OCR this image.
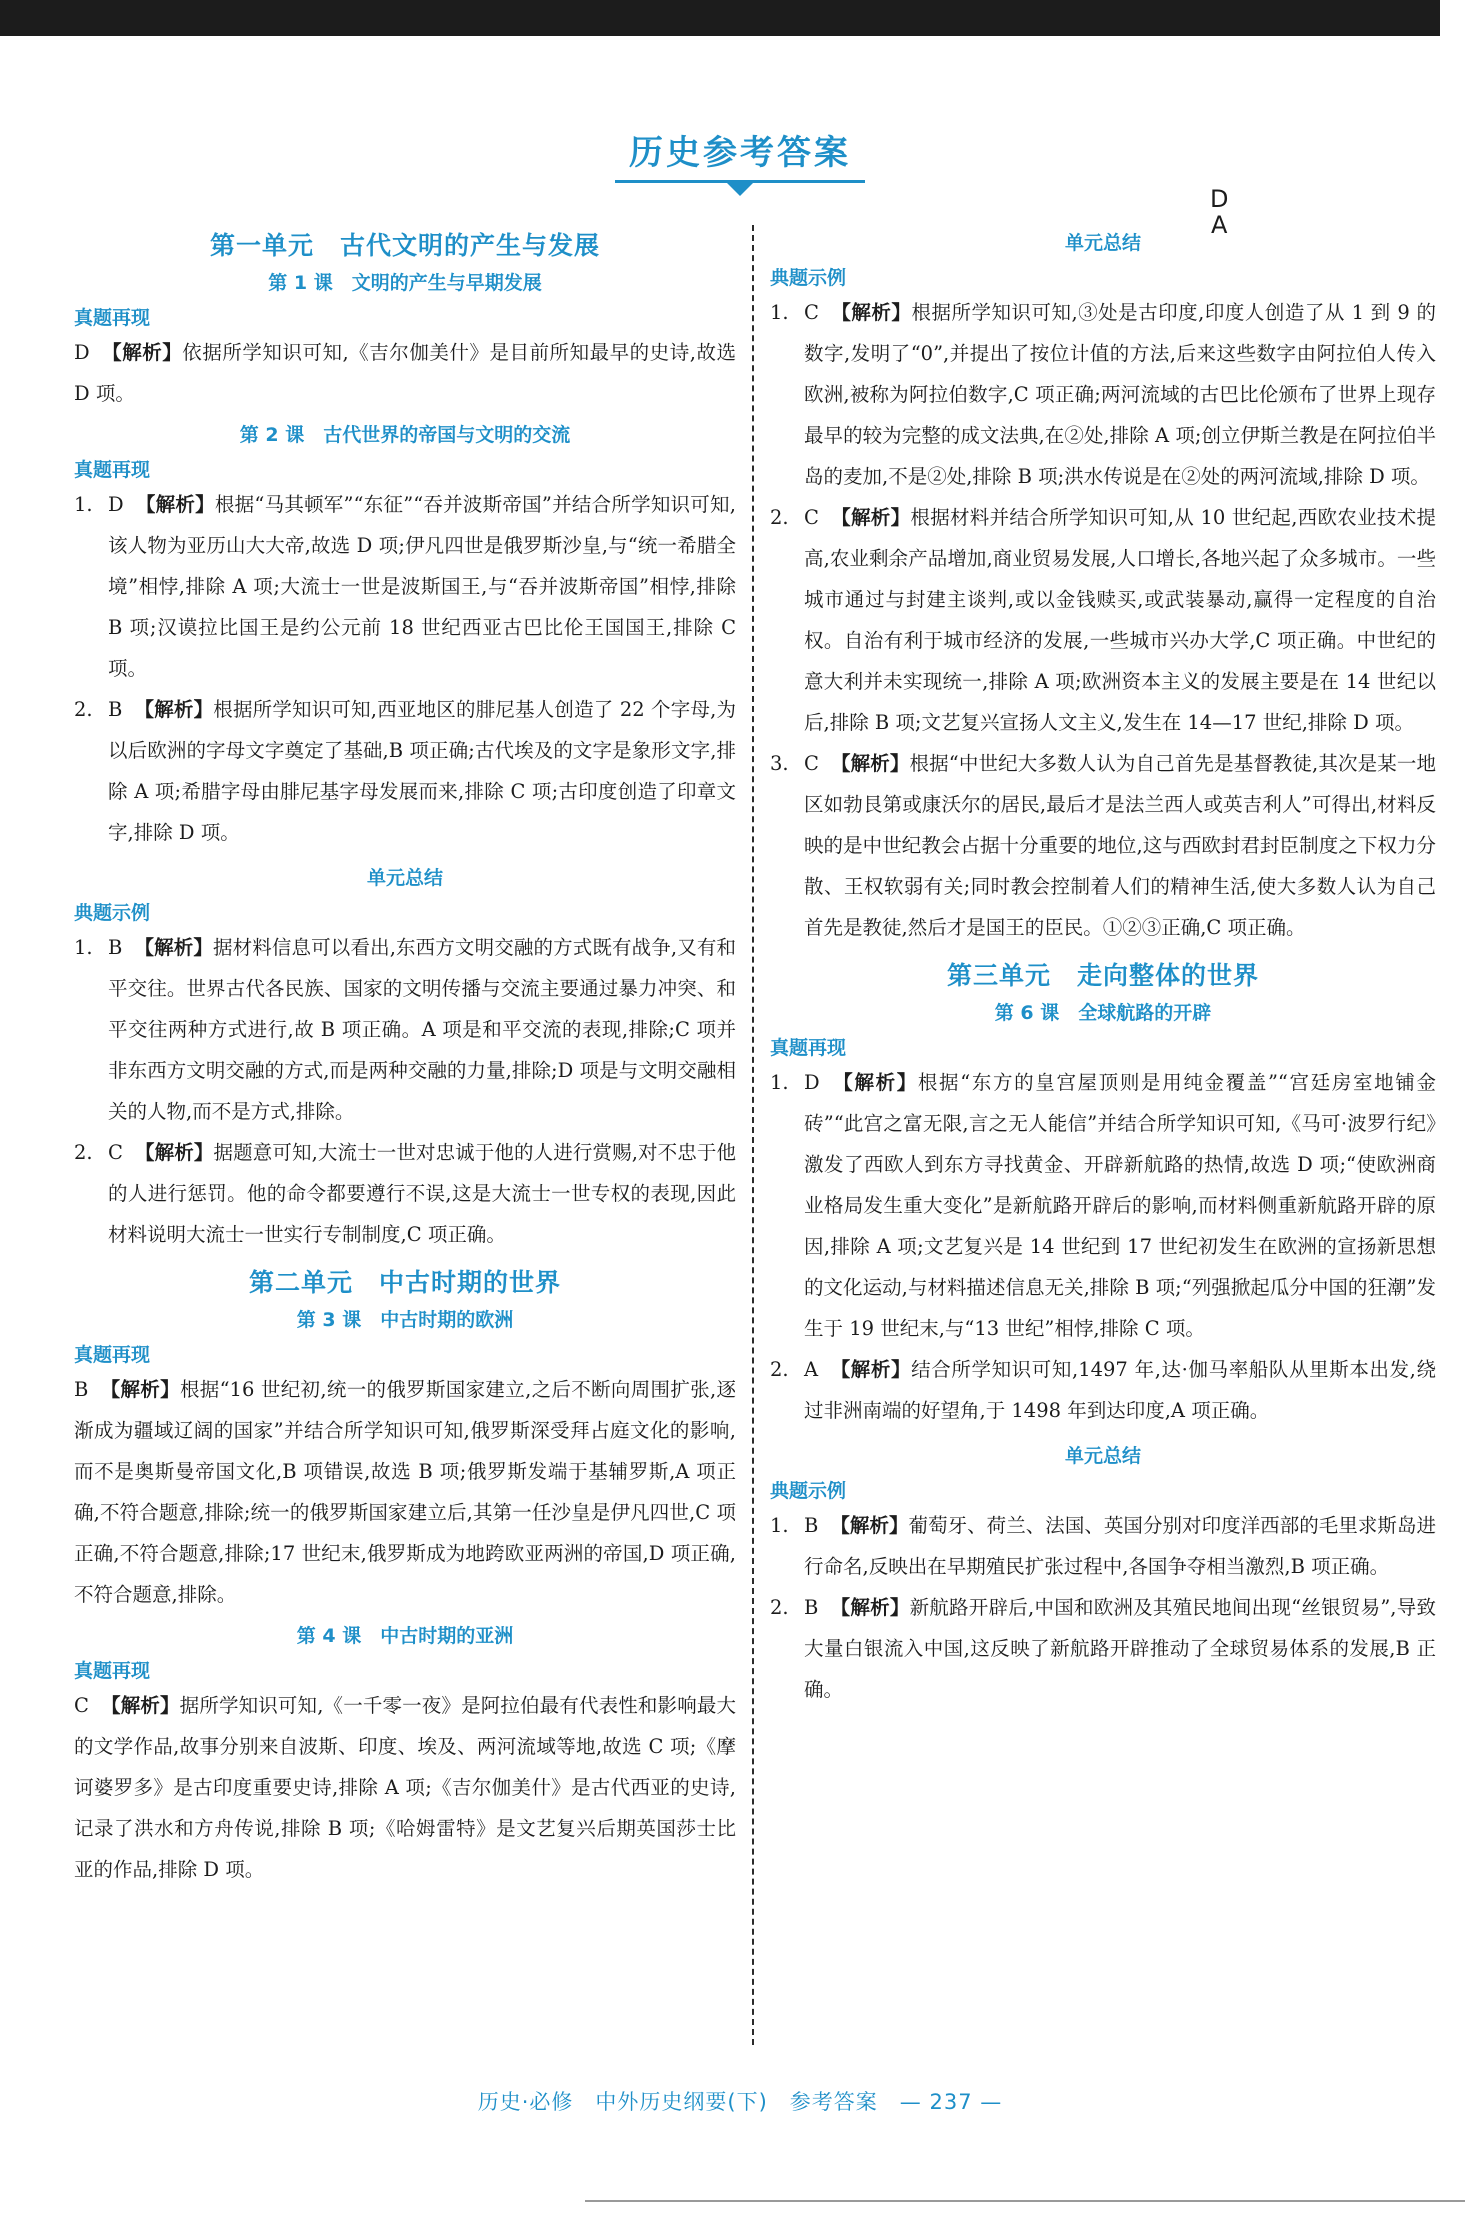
历史参考答案
D
A
第一单元　古代文明的产生与发展
第 1 课　文明的产生与早期发展
真题再现
D 【解析】依据所学知识可知,《吉尔伽美什》是目前所知最早的史诗,故选 D 项。
第 2 课　古代世界的帝国与文明的交流
真题再现
1. D 【解析】根据“马其顿军”“东征”“吞并波斯帝国”并结合所学知识可知,该人物为亚历山大大帝,故选 D 项;伊凡四世是俄罗斯沙皇,与“统一希腊全境”相悖,排除 A 项;大流士一世是波斯国王,与“吞并波斯帝国”相悖,排除 B 项;汉谟拉比国王是约公元前 18 世纪西亚古巴比伦王国国王,排除 C 项。
2. B 【解析】根据所学知识可知,西亚地区的腓尼基人创造了 22 个字母,为以后欧洲的字母文字奠定了基础,B 项正确;古代埃及的文字是象形文字,排除 A 项;希腊字母由腓尼基字母发展而来,排除 C 项;古印度创造了印章文字,排除 D 项。
单元总结
典题示例
1. B 【解析】据材料信息可以看出,东西方文明交融的方式既有战争,又有和平交往。世界古代各民族、国家的文明传播与交流主要通过暴力冲突、和平交往两种方式进行,故 B 项正确。A 项是和平交流的表现,排除;C 项并非东西方文明交融的方式,而是两种交融的力量,排除;D 项是与文明交融相关的人物,而不是方式,排除。
2. C 【解析】据题意可知,大流士一世对忠诚于他的人进行赏赐,对不忠于他的人进行惩罚。他的命令都要遵行不误,这是大流士一世专权的表现,因此材料说明大流士一世实行专制制度,C 项正确。
第二单元　中古时期的世界
第 3 课　中古时期的欧洲
真题再现
B 【解析】根据“16 世纪初,统一的俄罗斯国家建立,之后不断向周围扩张,逐渐成为疆域辽阔的国家”并结合所学知识可知,俄罗斯深受拜占庭文化的影响,而不是奥斯曼帝国文化,B 项错误,故选 B 项;俄罗斯发端于基辅罗斯,A 项正确,不符合题意,排除;统一的俄罗斯国家建立后,其第一任沙皇是伊凡四世,C 项正确,不符合题意,排除;17 世纪末,俄罗斯成为地跨欧亚两洲的帝国,D 项正确,不符合题意,排除。
第 4 课　中古时期的亚洲
真题再现
C 【解析】据所学知识可知,《一千零一夜》是阿拉伯最有代表性和影响最大的文学作品,故事分别来自波斯、印度、埃及、两河流域等地,故选 C 项;《摩诃婆罗多》是古印度重要史诗,排除 A 项;《吉尔伽美什》是古代西亚的史诗,记录了洪水和方舟传说,排除 B 项;《哈姆雷特》是文艺复兴后期英国莎士比亚的作品,排除 D 项。
单元总结
典题示例
1. C 【解析】根据所学知识可知,③处是古印度,印度人创造了从 1 到 9 的数字,发明了“0”,并提出了按位计值的方法,后来这些数字由阿拉伯人传入欧洲,被称为阿拉伯数字,C 项正确;两河流域的古巴比伦颁布了世界上现存最早的较为完整的成文法典,在②处,排除 A 项;创立伊斯兰教是在阿拉伯半岛的麦加,不是②处,排除 B 项;洪水传说是在②处的两河流域,排除 D 项。
2. C 【解析】根据材料并结合所学知识可知,从 10 世纪起,西欧农业技术提高,农业剩余产品增加,商业贸易发展,人口增长,各地兴起了众多城市。一些城市通过与封建主谈判,或以金钱赎买,或武装暴动,赢得一定程度的自治权。自治有利于城市经济的发展,一些城市兴办大学,C 项正确。中世纪的意大利并未实现统一,排除 A 项;欧洲资本主义的发展主要是在 14 世纪以后,排除 B 项;文艺复兴宣扬人文主义,发生在 14—17 世纪,排除 D 项。
3. C 【解析】根据“中世纪大多数人认为自己首先是基督教徒,其次是某一地区如勃艮第或康沃尔的居民,最后才是法兰西人或英吉利人”可得出,材料反映的是中世纪教会占据十分重要的地位,这与西欧封君封臣制度之下权力分散、王权软弱有关;同时教会控制着人们的精神生活,使大多数人认为自己首先是教徒,然后才是国王的臣民。①②③正确,C 项正确。
第三单元　走向整体的世界
第 6 课　全球航路的开辟
真题再现
1. D 【解析】根据“东方的皇宫屋顶则是用纯金覆盖”“宫廷房室地铺金砖”“此宫之富无限,言之无人能信”并结合所学知识可知,《马可·波罗行纪》激发了西欧人到东方寻找黄金、开辟新航路的热情,故选 D 项;“使欧洲商业格局发生重大变化”是新航路开辟后的影响,而材料侧重新航路开辟的原因,排除 A 项;文艺复兴是 14 世纪到 17 世纪初发生在欧洲的宣扬新思想的文化运动,与材料描述信息无关,排除 B 项;“列强掀起瓜分中国的狂潮”发生于 19 世纪末,与“13 世纪”相悖,排除 C 项。
2. A 【解析】结合所学知识可知,1497 年,达·伽马率船队从里斯本出发,绕过非洲南端的好望角,于 1498 年到达印度,A 项正确。
单元总结
典题示例
1. B 【解析】葡萄牙、荷兰、法国、英国分别对印度洋西部的毛里求斯岛进行命名,反映出在早期殖民扩张过程中,各国争夺相当激烈,B 项正确。
2. B 【解析】新航路开辟后,中国和欧洲及其殖民地间出现“丝银贸易”,导致大量白银流入中国,这反映了新航路开辟推动了全球贸易体系的发展,B 正确。
历史·必修　中外历史纲要(下)　参考答案　— 237 —
